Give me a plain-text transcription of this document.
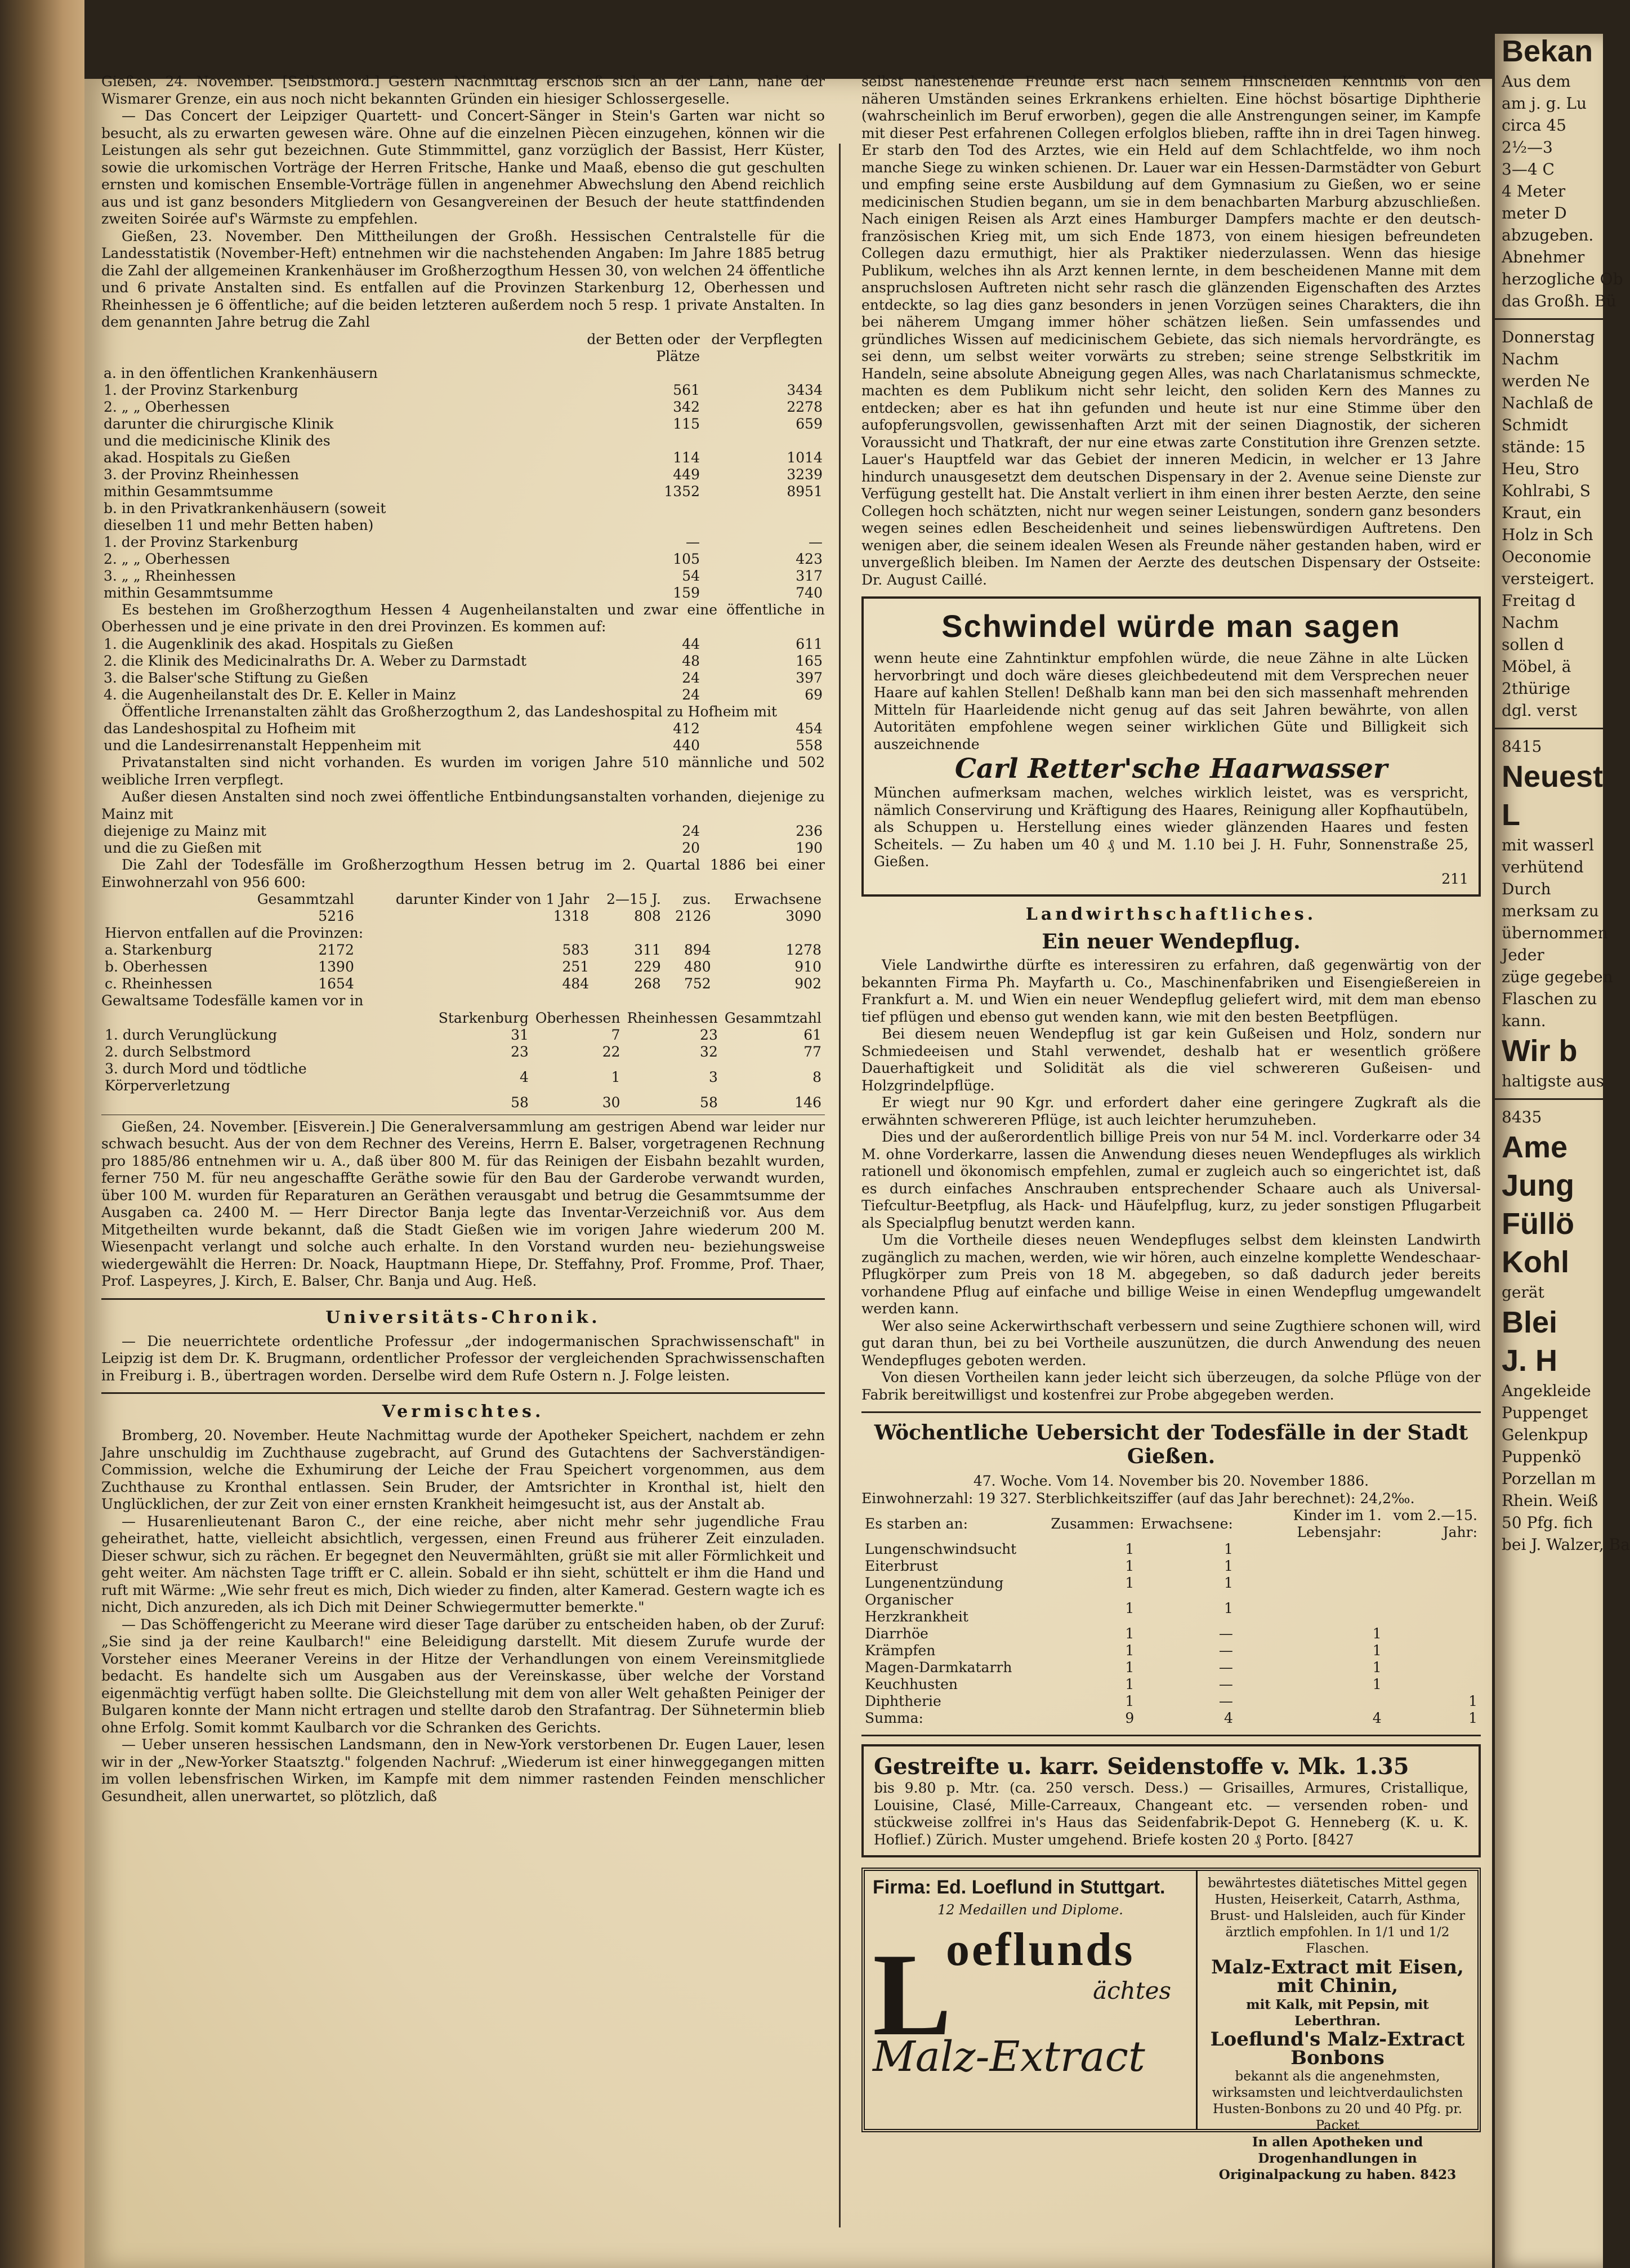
Gießen, 24. November. [Selbstmord.] Gestern Nachmittag erschoß sich an der Lahn, nahe der Wismarer Grenze, ein aus noch nicht bekannten Gründen ein hiesiger Schlossergeselle.

— Das Concert der Leipziger Quartett- und Concert-Sänger in Stein's Garten war nicht so besucht, als zu erwarten gewesen wäre. Ohne auf die einzelnen Piècen einzugehen, können wir die Leistungen als sehr gut bezeichnen. Gute Stimmmittel, ganz vorzüglich der Bassist, Herr Küster, sowie die urkomischen Vorträge der Herren Fritsche, Hanke und Maaß, ebenso die gut geschulten ernsten und komischen Ensemble-Vorträge füllen in angenehmer Abwechslung den Abend reichlich aus und ist ganz besonders Mitgliedern von Gesangvereinen der Besuch der heute stattfindenden zweiten Soirée auf's Wärmste zu empfehlen.

Gießen, 23. November. Den Mittheilungen der Großh. Hessischen Centralstelle für die Landesstatistik (November-Heft) entnehmen wir die nachstehenden Angaben: Im Jahre 1885 betrug die Zahl der allgemeinen Krankenhäuser im Großherzogthum Hessen 30, von welchen 24 öffentliche und 6 private Anstalten sind. Es entfallen auf die Provinzen Starkenburg 12, Oberhessen und Rheinhessen je 6 öffentliche; auf die beiden letzteren außerdem noch 5 resp. 1 private Anstalten. In dem genannten Jahre betrug die Zahl

	der Betten oder Plätze	der Verpflegten
a. in den öffentlichen Krankenhäusern		
1. der Provinz Starkenburg	561	3434
2. „ „ Oberhessen	342	2278
darunter die chirurgische Klinik	115	659
und die medicinische Klinik des		
akad. Hospitals zu Gießen	114	1014
3. der Provinz Rheinhessen	449	3239
mithin Gesammtsumme	1352	8951
b. in den Privatkrankenhäusern (soweit		
dieselben 11 und mehr Betten haben)		
1. der Provinz Starkenburg	—	—
2. „ „ Oberhessen	105	423
3. „ „ Rheinhessen	54	317
mithin Gesammtsumme	159	740

Es bestehen im Großherzogthum Hessen 4 Augenheilanstalten und zwar eine öffentliche in Oberhessen und je eine private in den drei Provinzen. Es kommen auf:

1. die Augenklinik des akad. Hospitals zu Gießen	44	611
2. die Klinik des Medicinalraths Dr. A. Weber zu Darmstadt	48	165
3. die Balser'sche Stiftung zu Gießen	24	397
4. die Augenheilanstalt des Dr. E. Keller in Mainz	24	69

Öffentliche Irrenanstalten zählt das Großherzogthum 2, das Landeshospital zu Hofheim mit

das Landeshospital zu Hofheim mit	412	454
und die Landesirrenanstalt Heppenheim mit	440	558

Privatanstalten sind nicht vorhanden. Es wurden im vorigen Jahre 510 männliche und 502 weibliche Irren verpflegt.

Außer diesen Anstalten sind noch zwei öffentliche Entbindungsanstalten vorhanden, diejenige zu Mainz mit

diejenige zu Mainz mit	24	236
und die zu Gießen mit	20	190

Die Zahl der Todesfälle im Großherzogthum Hessen betrug im 2. Quartal 1886 bei einer Einwohnerzahl von 956 600:

	Gesammtzahl	darunter Kinder von 1 Jahr	2—15 J.	zus.	Erwachsene
	5216	1318	808	2126	3090
Hiervon entfallen auf die Provinzen:					
a. Starkenburg	2172	583	311	894	1278
b. Oberhessen	1390	251	229	480	910
c. Rheinhessen	1654	484	268	752	902

Gewaltsame Todesfälle kamen vor in

	Starkenburg	Oberhessen	Rheinhessen	Gesammtzahl
1. durch Verunglückung	31	7	23	61
2. durch Selbstmord	23	22	32	77
3. durch Mord und tödtliche Körperverletzung	4	1	3	8
	58	30	58	146

Gießen, 24. November. [Eisverein.] Die Generalversammlung am gestrigen Abend war leider nur schwach besucht. Aus der von dem Rechner des Vereins, Herrn E. Balser, vorgetragenen Rechnung pro 1885/86 entnehmen wir u. A., daß über 800 M. für das Reinigen der Eisbahn bezahlt wurden, ferner 750 M. für neu angeschaffte Geräthe sowie für den Bau der Garderobe verwandt wurden, über 100 M. wurden für Reparaturen an Geräthen verausgabt und betrug die Gesammtsumme der Ausgaben ca. 2400 M. — Herr Director Banja legte das Inventar-Verzeichniß vor. Aus dem Mitgetheilten wurde bekannt, daß die Stadt Gießen wie im vorigen Jahre wiederum 200 M. Wiesenpacht verlangt und solche auch erhalte. In den Vorstand wurden neu- beziehungsweise wiedergewählt die Herren: Dr. Noack, Hauptmann Hiepe, Dr. Steffahny, Prof. Fromme, Prof. Thaer, Prof. Laspeyres, J. Kirch, E. Balser, Chr. Banja und Aug. Heß.

Universitäts-Chronik.

— Die neuerrichtete ordentliche Professur „der indogermanischen Sprachwissenschaft" in Leipzig ist dem Dr. K. Brugmann, ordentlicher Professor der vergleichenden Sprachwissenschaften in Freiburg i. B., übertragen worden. Derselbe wird dem Rufe Ostern n. J. Folge leisten.

Vermischtes.

Bromberg, 20. November. Heute Nachmittag wurde der Apotheker Speichert, nachdem er zehn Jahre unschuldig im Zuchthause zugebracht, auf Grund des Gutachtens der Sachverständigen-Commission, welche die Exhumirung der Leiche der Frau Speichert vorgenommen, aus dem Zuchthause zu Kronthal entlassen. Sein Bruder, der Amtsrichter in Kronthal ist, hielt den Unglücklichen, der zur Zeit von einer ernsten Krankheit heimgesucht ist, aus der Anstalt ab.

— Husarenlieutenant Baron C., der eine reiche, aber nicht mehr sehr jugendliche Frau geheirathet, hatte, vielleicht absichtlich, vergessen, einen Freund aus früherer Zeit einzuladen. Dieser schwur, sich zu rächen. Er begegnet den Neuvermählten, grüßt sie mit aller Förmlichkeit und geht weiter. Am nächsten Tage trifft er C. allein. Sobald er ihn sieht, schüttelt er ihm die Hand und ruft mit Wärme: „Wie sehr freut es mich, Dich wieder zu finden, alter Kamerad. Gestern wagte ich es nicht, Dich anzureden, als ich Dich mit Deiner Schwiegermutter bemerkte."

— Das Schöffengericht zu Meerane wird dieser Tage darüber zu entscheiden haben, ob der Zuruf: „Sie sind ja der reine Kaulbarch!" eine Beleidigung darstellt. Mit diesem Zurufe wurde der Vorsteher eines Meeraner Vereins in der Hitze der Verhandlungen von einem Vereinsmitgliede bedacht. Es handelte sich um Ausgaben aus der Vereinskasse, über welche der Vorstand eigenmächtig verfügt haben sollte. Die Gleichstellung mit dem von aller Welt gehaßten Peiniger der Bulgaren konnte der Mann nicht ertragen und stellte darob den Strafantrag. Der Sühnetermin blieb ohne Erfolg. Somit kommt Kaulbarch vor die Schranken des Gerichts.

— Ueber unseren hessischen Landsmann, den in New-York verstorbenen Dr. Eugen Lauer, lesen wir in der „New-Yorker Staatsztg." folgenden Nachruf: „Wiederum ist einer hinweggegangen mitten im vollen lebensfrischen Wirken, im Kampfe mit dem nimmer rastenden Feinden menschlicher Gesundheit, allen unerwartet, so plötzlich, daß

selbst nahestehende Freunde erst nach seinem Hinscheiden Kenntniß von den näheren Umständen seines Erkrankens erhielten. Eine höchst bösartige Diphtherie (wahrscheinlich im Beruf erworben), gegen die alle Anstrengungen seiner, im Kampfe mit dieser Pest erfahrenen Collegen erfolglos blieben, raffte ihn in drei Tagen hinweg. Er starb den Tod des Arztes, wie ein Held auf dem Schlachtfelde, wo ihm noch manche Siege zu winken schienen. Dr. Lauer war ein Hessen-Darmstädter von Geburt und empfing seine erste Ausbildung auf dem Gymnasium zu Gießen, wo er seine medicinischen Studien begann, um sie in dem benachbarten Marburg abzuschließen. Nach einigen Reisen als Arzt eines Hamburger Dampfers machte er den deutsch-französischen Krieg mit, um sich Ende 1873, von einem hiesigen befreundeten Collegen dazu ermuthigt, hier als Praktiker niederzulassen. Wenn das hiesige Publikum, welches ihn als Arzt kennen lernte, in dem bescheidenen Manne mit dem anspruchslosen Auftreten nicht sehr rasch die glänzenden Eigenschaften des Arztes entdeckte, so lag dies ganz besonders in jenen Vorzügen seines Charakters, die ihn bei näherem Umgang immer höher schätzen ließen. Sein umfassendes und gründliches Wissen auf medicinischem Gebiete, das sich niemals hervordrängte, es sei denn, um selbst weiter vorwärts zu streben; seine strenge Selbstkritik im Handeln, seine absolute Abneigung gegen Alles, was nach Charlatanismus schmeckte, machten es dem Publikum nicht sehr leicht, den soliden Kern des Mannes zu entdecken; aber es hat ihn gefunden und heute ist nur eine Stimme über den aufopferungsvollen, gewissenhaften Arzt mit der seinen Diagnostik, der sicheren Voraussicht und Thatkraft, der nur eine etwas zarte Constitution ihre Grenzen setzte. Lauer's Hauptfeld war das Gebiet der inneren Medicin, in welcher er 13 Jahre hindurch unausgesetzt dem deutschen Dispensary in der 2. Avenue seine Dienste zur Verfügung gestellt hat. Die Anstalt verliert in ihm einen ihrer besten Aerzte, den seine Collegen hoch schätzten, nicht nur wegen seiner Leistungen, sondern ganz besonders wegen seines edlen Bescheidenheit und seines liebenswürdigen Auftretens. Den wenigen aber, die seinem idealen Wesen als Freunde näher gestanden haben, wird er unvergeßlich bleiben. Im Namen der Aerzte des deutschen Dispensary der Ostseite: Dr. August Caillé.

Schwindel würde man sagen

wenn heute eine Zahntinktur empfohlen würde, die neue Zähne in alte Lücken hervorbringt und doch wäre dieses gleichbedeutend mit dem Versprechen neuer Haare auf kahlen Stellen! Deßhalb kann man bei den sich massenhaft mehrenden Mitteln für Haarleidende nicht genug auf das seit Jahren bewährte, von allen Autoritäten empfohlene wegen seiner wirklichen Güte und Billigkeit sich auszeichnende

Carl Retter'sche Haarwasser

München aufmerksam machen, welches wirklich leistet, was es verspricht, nämlich Conservirung und Kräftigung des Haares, Reinigung aller Kopfhautübeln, als Schuppen u. Herstellung eines wieder glänzenden Haares und festen Scheitels. — Zu haben um 40 ₰ und M. 1.10 bei J. H. Fuhr, Sonnenstraße 25, Gießen.

211

Landwirthschaftliches.
Ein neuer Wendepflug.

Viele Landwirthe dürfte es interessiren zu erfahren, daß gegenwärtig von der bekannten Firma Ph. Mayfarth u. Co., Maschinenfabriken und Eisengießereien in Frankfurt a. M. und Wien ein neuer Wendepflug geliefert wird, mit dem man ebenso tief pflügen und ebenso gut wenden kann, wie mit den besten Beetpflügen.

Bei diesem neuen Wendepflug ist gar kein Gußeisen und Holz, sondern nur Schmiedeeisen und Stahl verwendet, deshalb hat er wesentlich größere Dauerhaftigkeit und Solidität als die viel schwereren Gußeisen- und Holzgrindelpflüge.

Er wiegt nur 90 Kgr. und erfordert daher eine geringere Zugkraft als die erwähnten schwereren Pflüge, ist auch leichter herumzuheben.

Dies und der außerordentlich billige Preis von nur 54 M. incl. Vorderkarre oder 34 M. ohne Vorderkarre, lassen die Anwendung dieses neuen Wendepfluges als wirklich rationell und ökonomisch empfehlen, zumal er zugleich auch so eingerichtet ist, daß es durch einfaches Anschrauben entsprechender Schaare auch als Universal-Tiefcultur-Beetpflug, als Hack- und Häufelpflug, kurz, zu jeder sonstigen Pflugarbeit als Specialpflug benutzt werden kann.

Um die Vortheile dieses neuen Wendepfluges selbst dem kleinsten Landwirth zugänglich zu machen, werden, wie wir hören, auch einzelne komplette Wendeschaar-Pflugkörper zum Preis von 18 M. abgegeben, so daß dadurch jeder bereits vorhandene Pflug auf einfache und billige Weise in einen Wendepflug umgewandelt werden kann.

Wer also seine Ackerwirthschaft verbessern und seine Zugthiere schonen will, wird gut daran thun, bei zu bei Vortheile auszunützen, die durch Anwendung des neuen Wendepfluges geboten werden.

Von diesen Vortheilen kann jeder leicht sich überzeugen, da solche Pflüge von der Fabrik bereitwilligst und kostenfrei zur Probe abgegeben werden.

Wöchentliche Uebersicht der Todesfälle in der Stadt Gießen.

47. Woche. Vom 14. November bis 20. November 1886.

Einwohnerzahl: 19 327. Sterblichkeitsziffer (auf das Jahr berechnet): 24,2‰.

Es starben an:	Zusammen:	Erwachsene:	Kinder im 1. Lebensjahr:	vom 2.—15. Jahr:
Lungenschwindsucht	1	1		
Eiterbrust	1	1		
Lungenentzündung	1	1		
Organischer Herzkrankheit	1	1		
Diarrhöe	1	—	1	
Krämpfen	1	—	1	
Magen-Darmkatarrh	1	—	1	
Keuchhusten	1	—	1	
Diphtherie	1	—		1
Summa:	9	4	4	1
Gestreifte u. karr. Seidenstoffe v. Mk. 1.35

bis 9.80 p. Mtr. (ca. 250 versch. Dess.) — Grisailles, Armures, Cristallique, Louisine, Clasé, Mille-Carreaux, Changeant etc. — versenden roben- und stückweise zollfrei in's Haus das Seidenfabrik-Depot G. Henneberg (K. u. K. Hoflief.) Zürich. Muster umgehend. Briefe kosten 20 ₰ Porto. [8427

Firma: Ed. Loeflund in Stuttgart.
12 Medaillen und Diplome.
L
oeflunds
ächtes
Malz-Extract
bewährtestes diätetisches Mittel gegen Husten, Heiserkeit, Catarrh, Asthma, Brust- und Halsleiden, auch für Kinder ärztlich empfohlen. In 1/1 und 1/2 Flaschen.
Malz-Extract mit Eisen,
mit Chinin,
mit Kalk, mit Pepsin, mit Leberthran.
Loeflund's Malz-Extract
Bonbons
bekannt als die angenehmsten, wirksamsten und leichtverdaulichsten Husten-Bonbons zu 20 und 40 Pfg. pr. Packet
In allen Apotheken und Drogenhandlungen in Originalpackung zu haben. 8423
Bekan
Aus dem
am j. g. Lu
circa 45
2½—3
3—4 C
4 Meter
meter D
abzugeben.
Abnehmer
herzogliche Ob
das Großh. Bü
Donnerstag
Nachm
werden Ne
Nachlaß de
Schmidt
stände: 15
Heu, Stro
Kohlrabi, S
Kraut, ein
Holz in Sch
Oeconomie
versteigert.
Freitag d
Nachm
sollen d
Möbel, ä
2thürige
dgl. verst
8415
Neuest
L
mit wasserl
verhütend
Durch
merksam zu
übernommen
Jeder
züge gegeben
Flaschen zu
kann.
Wir b
haltigste aus
8435
Ame
Jung
Füllö
Kohl
gerät
Blei
J. H
Angekleide
Puppenget
Gelenkpup
Puppenkö
Porzellan m
Rhein. Weiß
50 Pfg. fich
bei J. Walzer, Ba
